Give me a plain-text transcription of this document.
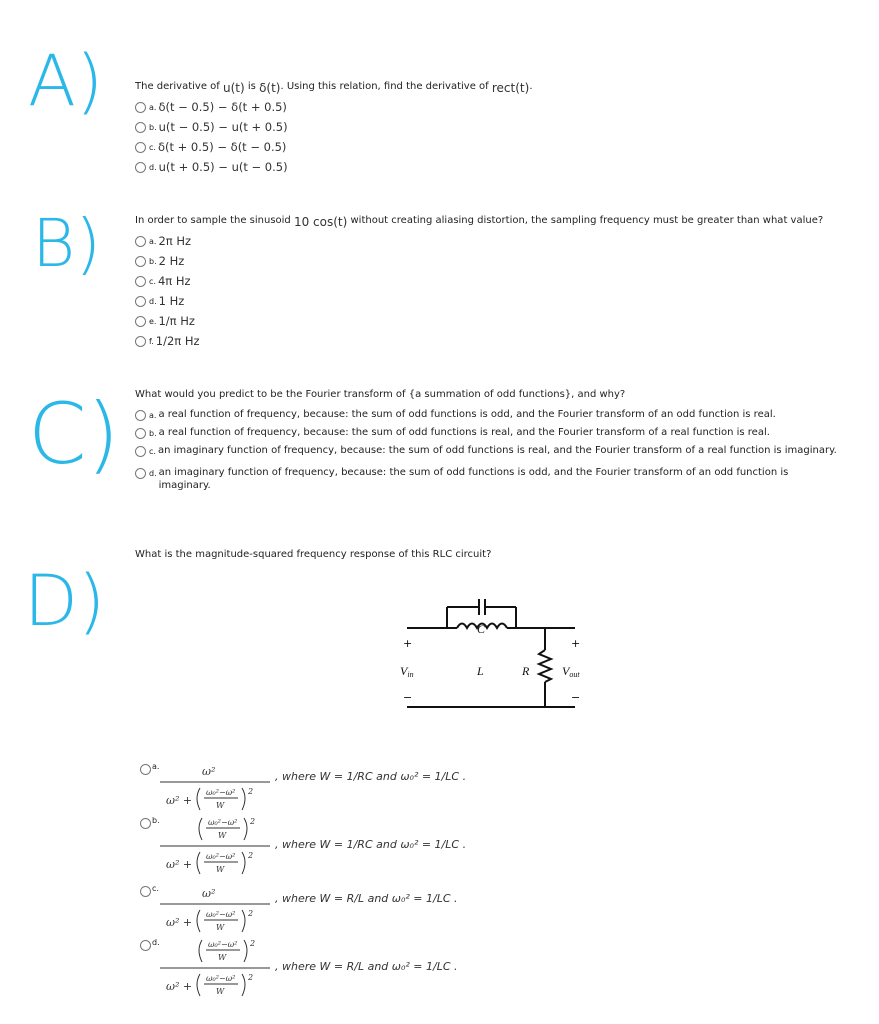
A)
B)
C)
D)

The derivative of u(t) is δ(t). Using this relation, find the derivative of rect(t).

a. δ(t − 0.5) − δ(t + 0.5)
b. u(t − 0.5) − u(t + 0.5)
c. δ(t + 0.5) − δ(t − 0.5)
d. u(t + 0.5) − u(t − 0.5)

In order to sample the sinusoid 10 cos(t) without creating aliasing distortion, the sampling frequency must be greater than what value?

a. 2π Hz
b. 2 Hz
c. 4π Hz
d. 1 Hz
e. 1/π Hz
f. 1/2π Hz

What would you predict to be the Fourier transform of {a summation of odd functions}, and why?

a. a real function of frequency, because: the sum of odd functions is odd, and the Fourier transform of an odd function is real.
b. a real function of frequency, because: the sum of odd functions is real, and the Fourier transform of a real function is real.
c. an imaginary function of frequency, because: the sum of odd functions is real, and the Fourier transform of a real function is imaginary.
d. an imaginary function of frequency, because: the sum of odd functions is odd, and the Fourier transform of an odd function is imaginary.

What is the magnitude-squared frequency response of this RLC circuit?

C
L	R
Vin	Vout
+
−
+
−
a.	ω²
ω² +
ω₀²−ω²
W
2
, where W = 1/RC and ω₀² = 1/LC .
b.	ω₀²−ω²
W
2
ω² +
ω₀²−ω²
W
2
, where W = 1/RC and ω₀² = 1/LC .
c.	ω²
ω² +
ω₀²−ω²
W
2
, where W = R/L and ω₀² = 1/LC .
d.	ω₀²−ω²
W
2
ω² +
ω₀²−ω²
W
2
, where W = R/L and ω₀² = 1/LC .
